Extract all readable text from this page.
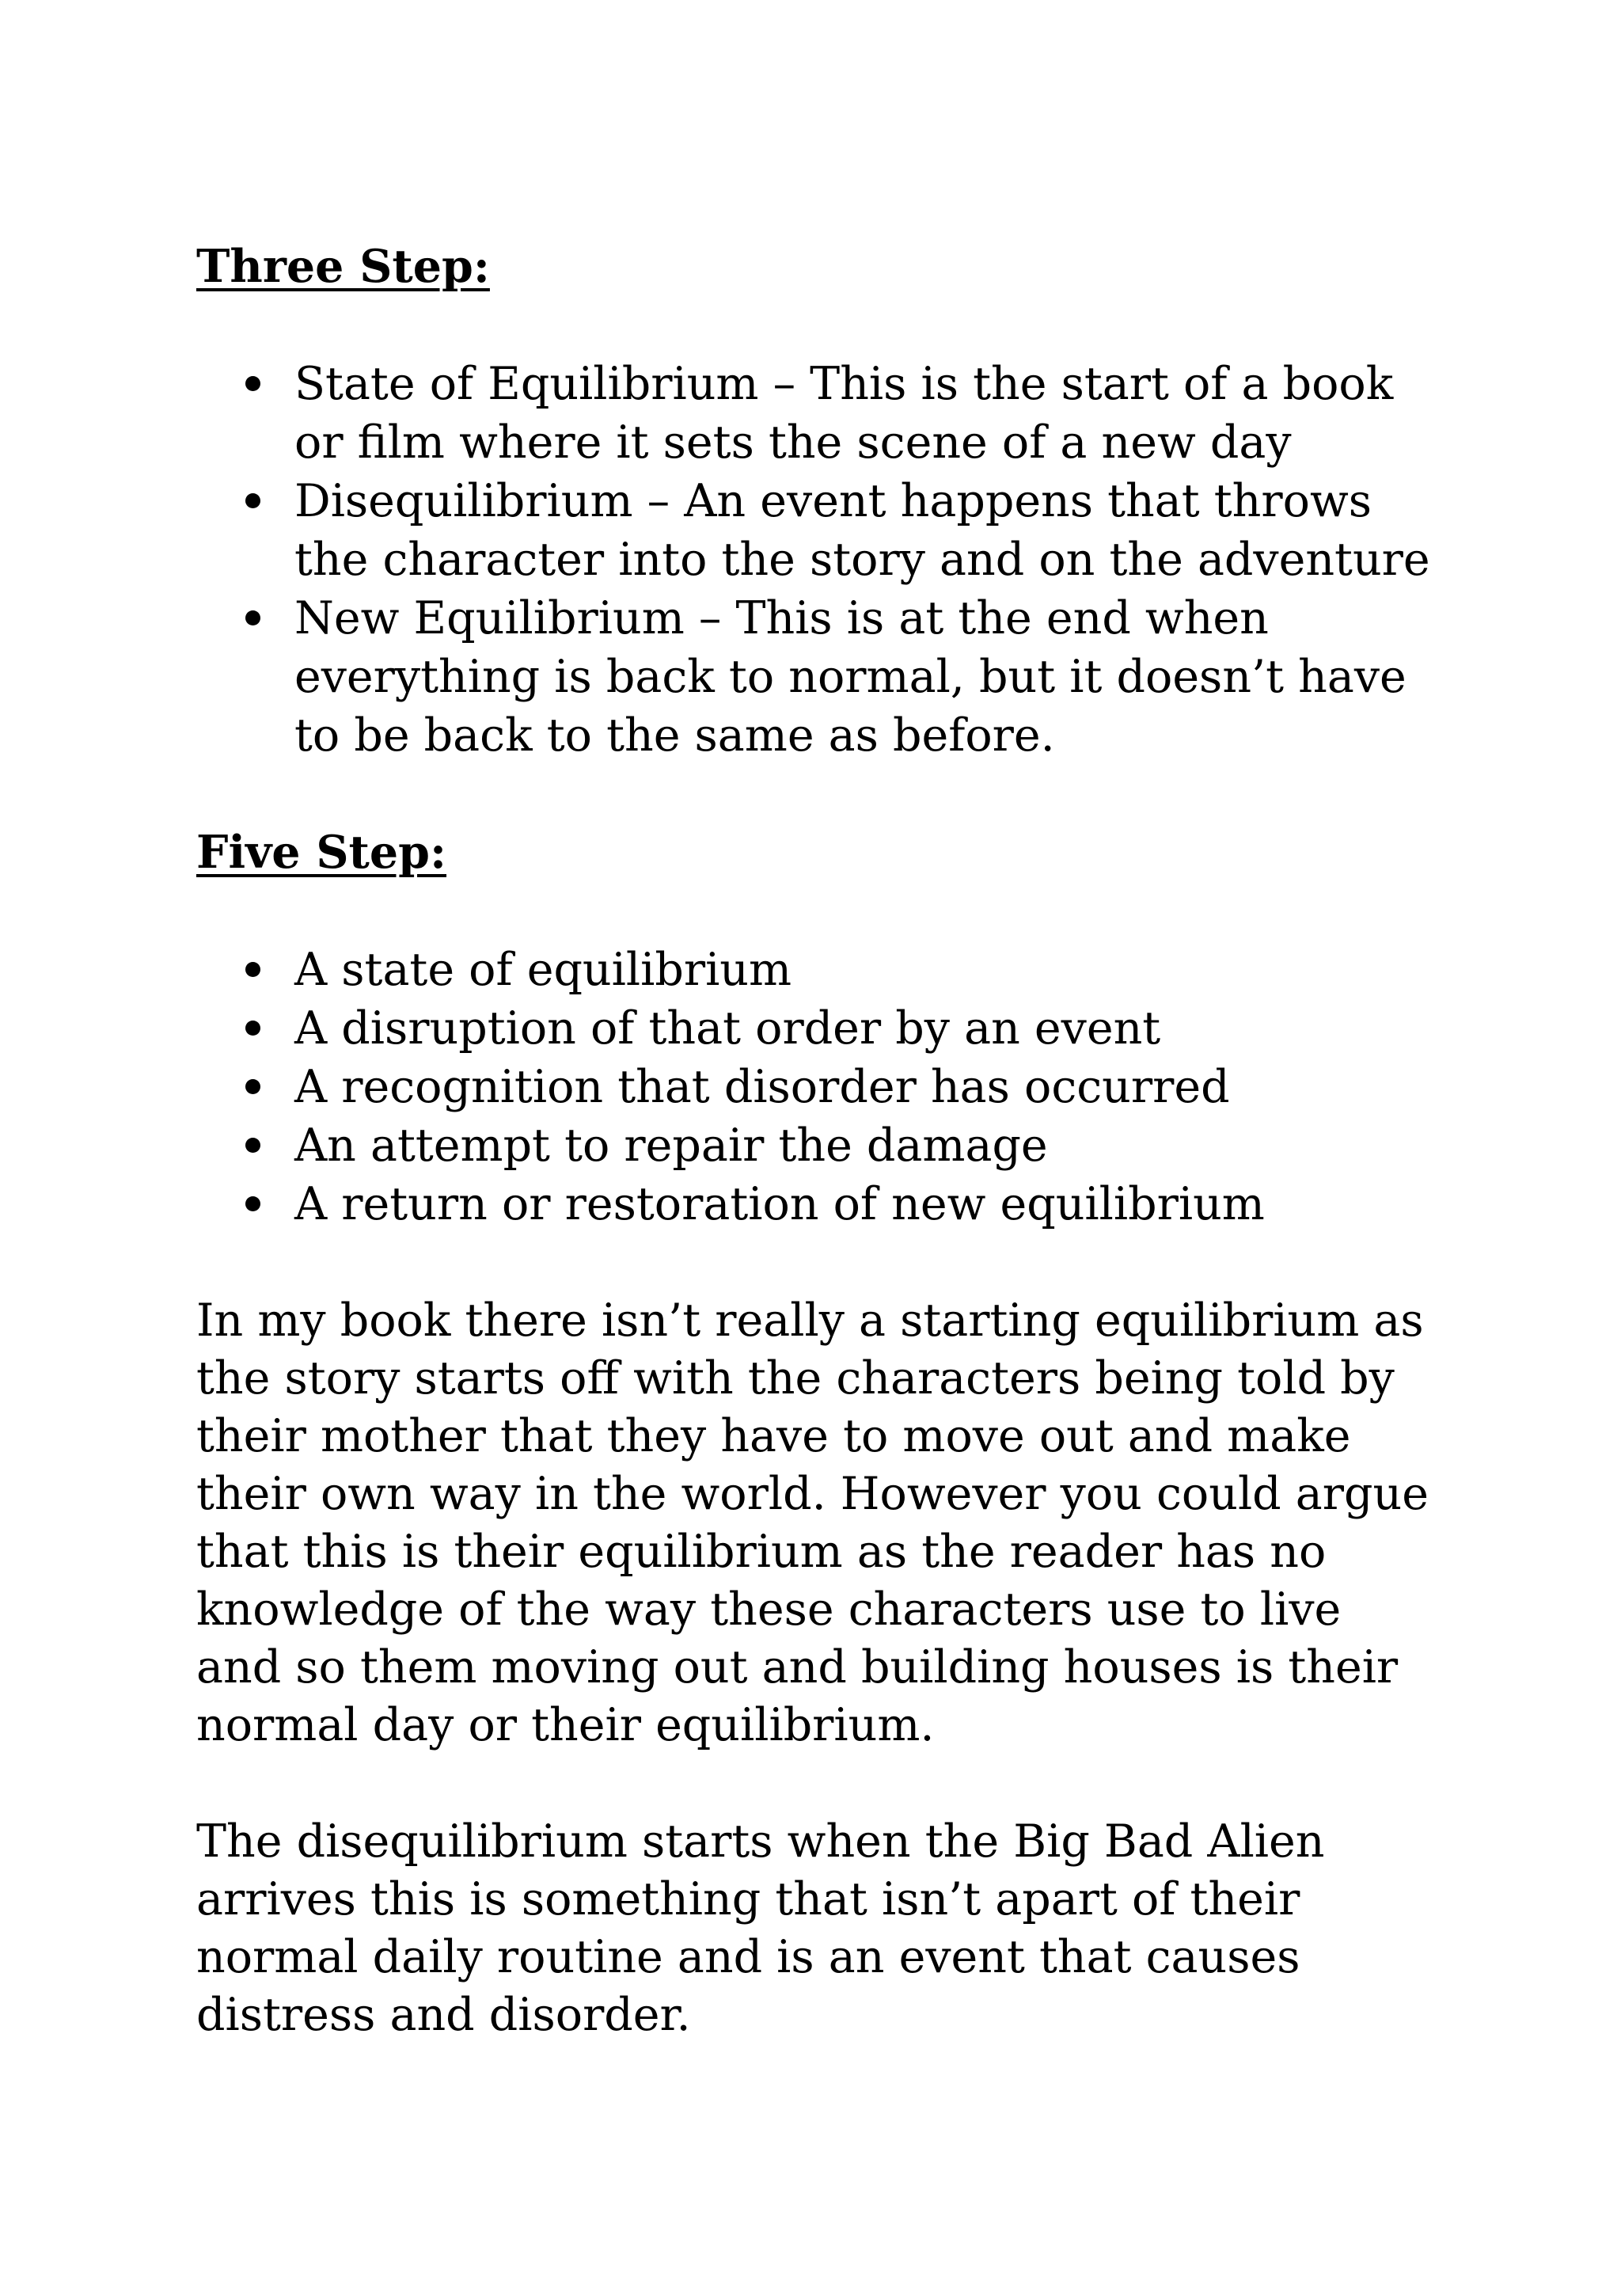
Three Step:
State of Equilibrium – This is the start of a book or film where it sets the scene of a new day
Disequilibrium – An event happens that throws the character into the story and on the adventure
New Equilibrium – This is at the end when everything is back to normal, but it doesn’t have to be back to the same as before.
Five Step:
A state of equilibrium
A disruption of that order by an event
A recognition that disorder has occurred
An attempt to repair the damage
A return or restoration of new equilibrium

In my book there isn’t really a starting equilibrium as the story starts off with the characters being told by their mother that they have to move out and make their own way in the world. However you could argue that this is their equilibrium as the reader has no knowledge of the way these characters use to live and so them moving out and building houses is their normal day or their equilibrium.

The disequilibrium starts when the Big Bad Alien arrives this is something that isn’t apart of their normal daily routine and is an event that causes distress and disorder.
